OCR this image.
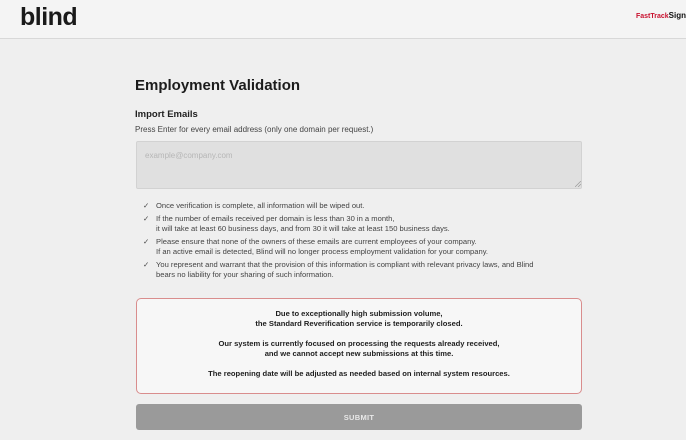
blind	FastTrackSign
Employment Validation
Import Emails
Press Enter for every email address (only one domain per request.)
example@company.com
✓ Once verification is complete, all information will be wiped out.
✓ If the number of emails received per domain is less than 30 in a month,
it will take at least 60 business days, and from 30 it will take at least 150 business days.
✓ Please ensure that none of the owners of these emails are current employees of your company.
If an active email is detected, Blind will no longer process employment validation for your company.
✓ You represent and warrant that the provision of this information is compliant with relevant privacy laws, and Blind
bears no liability for your sharing of such information.

Due to exceptionally high submission volume,
the Standard Reverification service is temporarily closed.

Our system is currently focused on processing the requests already received,
and we cannot accept new submissions at this time.

The reopening date will be adjusted as needed based on internal system resources.

SUBMIT
